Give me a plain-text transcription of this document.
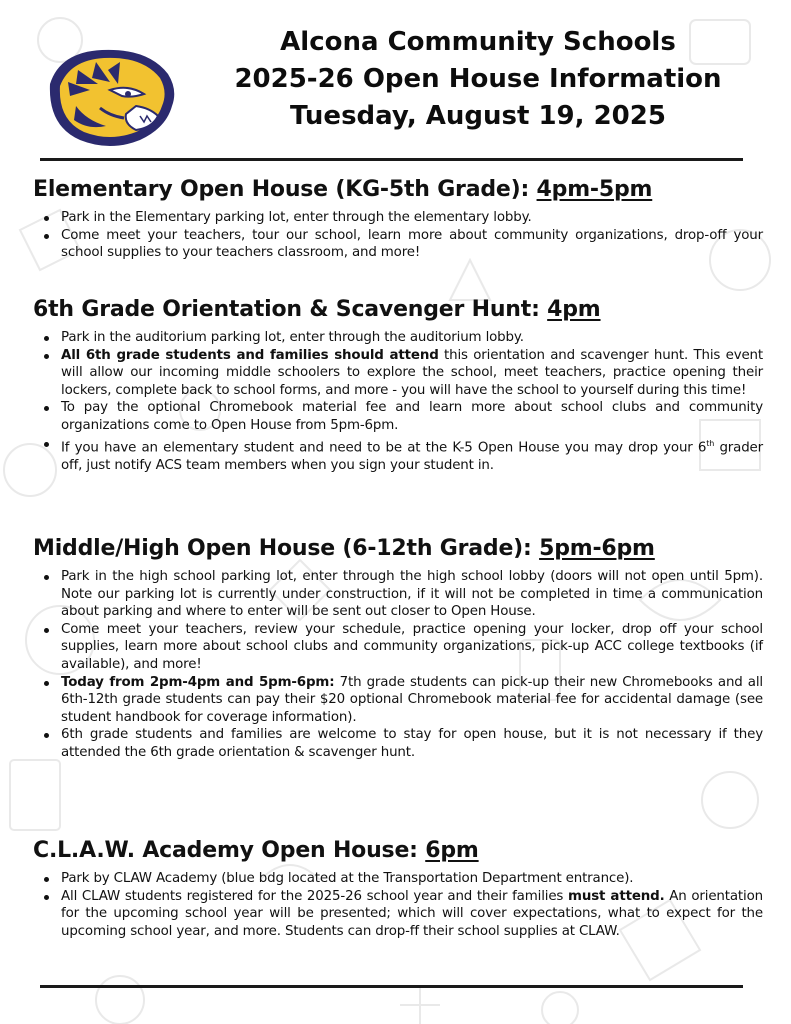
Alcona Community Schools
2025-26 Open House Information
Tuesday, August 19, 2025
Elementary Open House (KG-5th Grade): 4pm-5pm
Park in the Elementary parking lot, enter through the elementary lobby.
Come meet your teachers, tour our school, learn more about community organizations, drop-off your school supplies to your teachers classroom, and more!
6th Grade Orientation & Scavenger Hunt: 4pm
Park in the auditorium parking lot, enter through the auditorium lobby.
All 6th grade students and families should attend this orientation and scavenger hunt. This event will allow our incoming middle schoolers to explore the school, meet teachers, practice opening their lockers, complete back to school forms, and more - you will have the school to yourself during this time!
To pay the optional Chromebook material fee and learn more about school clubs and community organizations come to Open House from 5pm-6pm.
If you have an elementary student and need to be at the K-5 Open House you may drop your 6th grader off, just notify ACS team members when you sign your student in.
Middle/High Open House (6-12th Grade): 5pm-6pm
Park in the high school parking lot, enter through the high school lobby (doors will not open until 5pm). Note our parking lot is currently under construction, if it will not be completed in time a communication about parking and where to enter will be sent out closer to Open House.
Come meet your teachers, review your schedule, practice opening your locker, drop off your school supplies, learn more about school clubs and community organizations, pick-up ACC college textbooks (if available), and more!
Today from 2pm-4pm and 5pm-6pm: 7th grade students can pick-up their new Chromebooks and all 6th-12th grade students can pay their $20 optional Chromebook material fee for accidental damage (see student handbook for coverage information).
6th grade students and families are welcome to stay for open house, but it is not necessary if they attended the 6th grade orientation & scavenger hunt.
C.L.A.W. Academy Open House: 6pm
Park by CLAW Academy (blue bdg located at the Transportation Department entrance).
All CLAW students registered for the 2025-26 school year and their families must attend. An orientation for the upcoming school year will be presented; which will cover expectations, what to expect for the upcoming school year, and more. Students can drop-ff their school supplies at CLAW.
